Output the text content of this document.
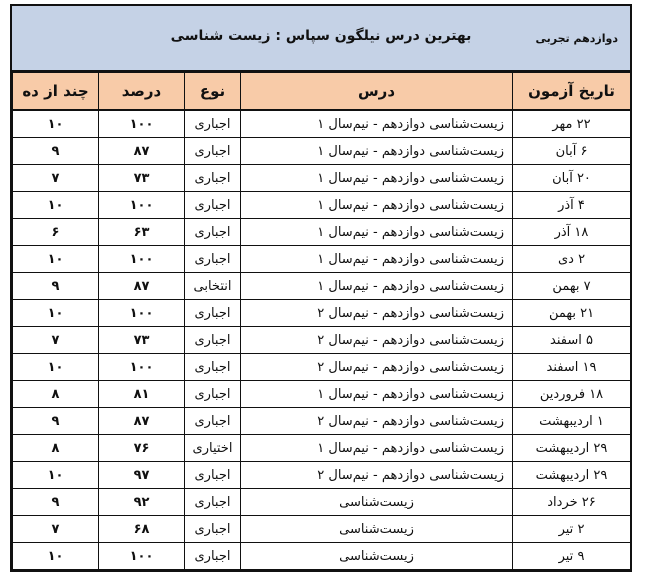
بهترین درس نیلگون سپاس : زیست شناسی	دوازدهم تجربی
تاریخ آزمون	درس	نوع	درصد	چند از ده
۲۲ مهر	زیست‌شناسی دوازدهم - نیم‌سال ۱	اجباری	۱۰۰	۱۰
۶ آبان	زیست‌شناسی دوازدهم - نیم‌سال ۱	اجباری	۸۷	۹
۲۰ آبان	زیست‌شناسی دوازدهم - نیم‌سال ۱	اجباری	۷۳	۷
۴ آذر	زیست‌شناسی دوازدهم - نیم‌سال ۱	اجباری	۱۰۰	۱۰
۱۸ آذر	زیست‌شناسی دوازدهم - نیم‌سال ۱	اجباری	۶۳	۶
۲ دی	زیست‌شناسی دوازدهم - نیم‌سال ۱	اجباری	۱۰۰	۱۰
۷ بهمن	زیست‌شناسی دوازدهم - نیم‌سال ۱	انتخابی	۸۷	۹
۲۱ بهمن	زیست‌شناسی دوازدهم - نیم‌سال ۲	اجباری	۱۰۰	۱۰
۵ اسفند	زیست‌شناسی دوازدهم - نیم‌سال ۲	اجباری	۷۳	۷
۱۹ اسفند	زیست‌شناسی دوازدهم - نیم‌سال ۲	اجباری	۱۰۰	۱۰
۱۸ فروردین	زیست‌شناسی دوازدهم - نیم‌سال ۱	اجباری	۸۱	۸
۱ اردیبهشت	زیست‌شناسی دوازدهم - نیم‌سال ۲	اجباری	۸۷	۹
۲۹ اردیبهشت	زیست‌شناسی دوازدهم - نیم‌سال ۱	اختیاری	۷۶	۸
۲۹ اردیبهشت	زیست‌شناسی دوازدهم - نیم‌سال ۲	اجباری	۹۷	۱۰
۲۶ خرداد	زیست‌شناسی	اجباری	۹۲	۹
۲ تیر	زیست‌شناسی	اجباری	۶۸	۷
۹ تیر	زیست‌شناسی	اجباری	۱۰۰	۱۰
